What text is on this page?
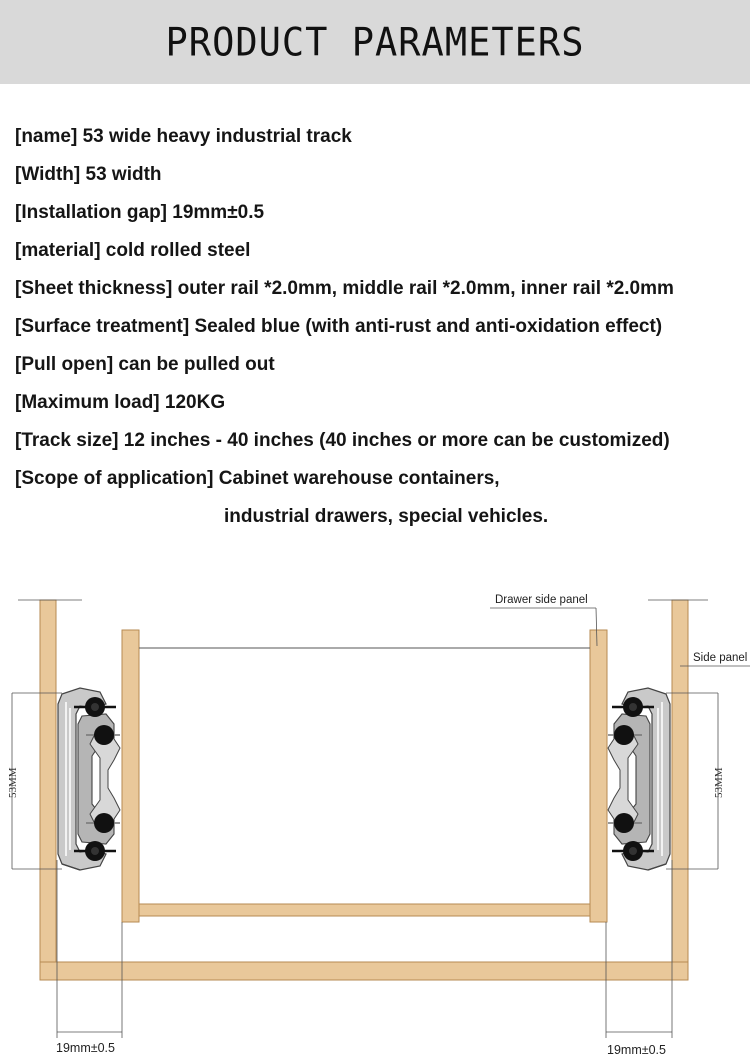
PRODUCT PARAMETERS
[name] 53 wide heavy industrial track
[Width] 53 width
[Installation gap] 19mm±0.5
[material] cold rolled steel
[Sheet thickness] outer rail *2.0mm, middle rail *2.0mm, inner rail *2.0mm
[Surface treatment] Sealed blue (with anti-rust and anti-oxidation effect)
[Pull open] can be pulled out
[Maximum load] 120KG
[Track size] 12 inches - 40 inches (40 inches or more can be customized)
[Scope of application] Cabinet warehouse containers,
industrial drawers, special vehicles.
53MM	53MM
Drawer side panel
Side panel
19mm±0.5	19mm±0.5
